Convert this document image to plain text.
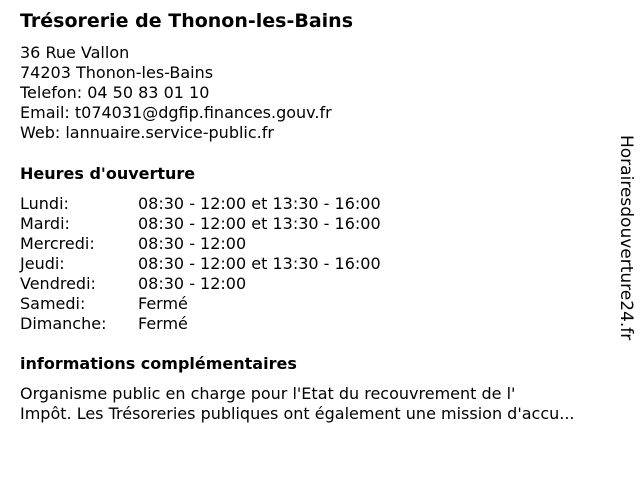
Trésorerie de Thonon-les-Bains
36 Rue Vallon
74203 Thonon-les-Bains
Telefon: 04 50 83 01 10
Email: t074031@dgfip.finances.gouv.fr
Web: lannuaire.service-public.fr
Heures d'ouverture
Lundi:	08:30 - 12:00 et 13:30 - 16:00
Mardi:	08:30 - 12:00 et 13:30 - 16:00
Mercredi:	08:30 - 12:00
Jeudi:	08:30 - 12:00 et 13:30 - 16:00
Vendredi:	08:30 - 12:00
Samedi:	Fermé
Dimanche: Fermé
informations complémentaires
Organisme public en charge pour l'Etat du recouvrement de l'
Impôt. Les Trésoreries publiques ont également une mission d'accu...
Horairesdouverture24.fr
